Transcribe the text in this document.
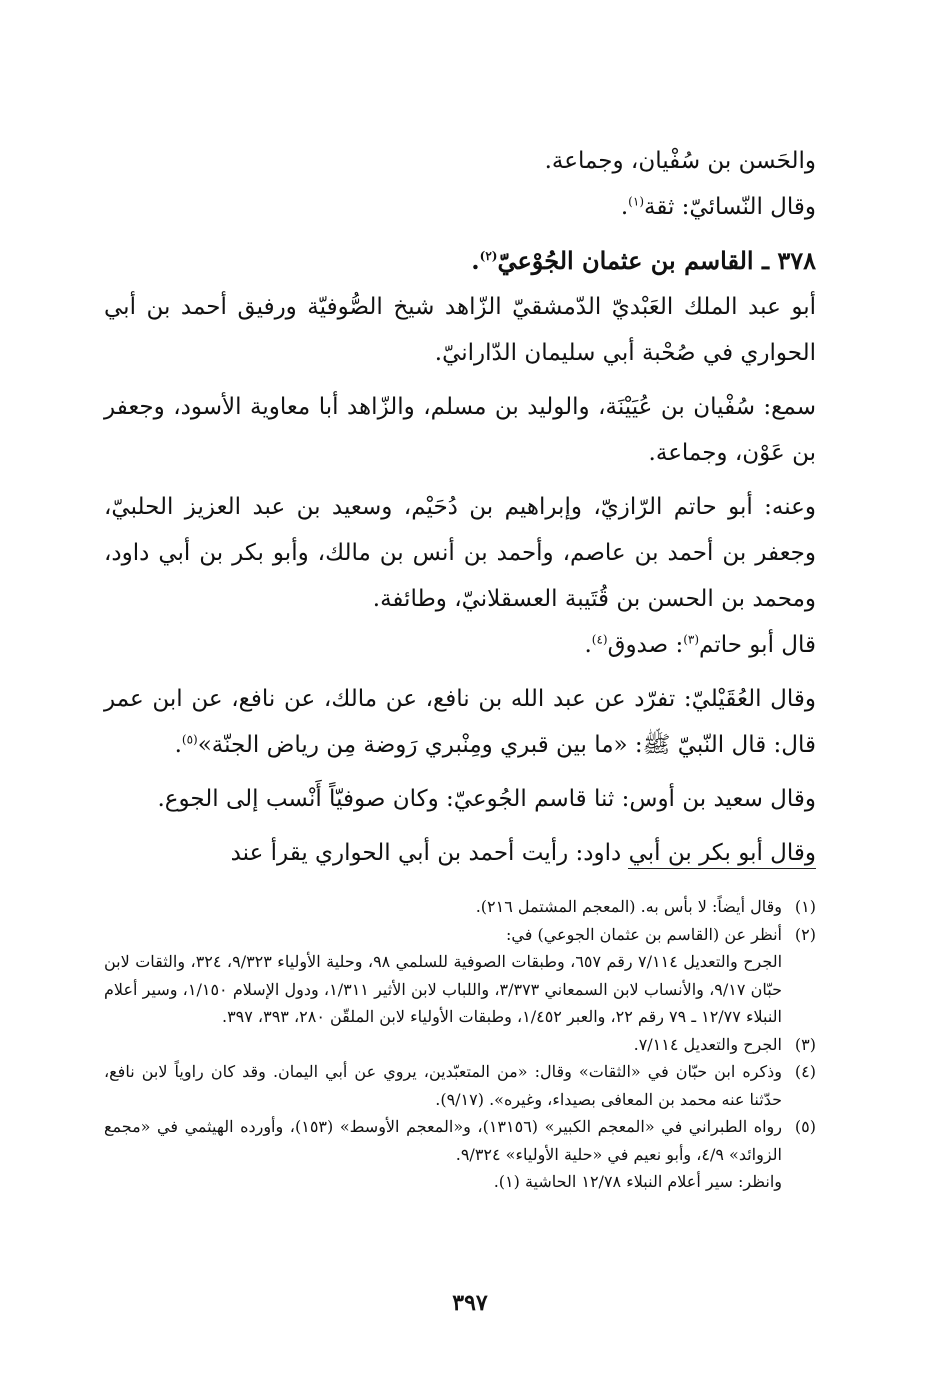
والحَسن بن سُفْيان، وجماعة.

وقال النّسائيّ: ثقة$^{(١)}$.

٣٧٨ ـ القاسم بن عثمان الجُوْعيّ$^{(٢)}$.

أبو عبد الملك العَبْديّ الدّمشقيّ الزّاهد شيخ الصُّوفيّة ورفيق أحمد بن أبي الحواري في صُحْبة أبي سليمان الدّارانيّ.

سمع: سُفْيان بن عُيَيْنَة، والوليد بن مسلم، والزّاهد أبا معاوية الأسود، وجعفر بن عَوْن، وجماعة.

وعنه: أبو حاتم الرّازيّ، وإبراهيم بن دُحَيْم، وسعيد بن عبد العزيز الحلبيّ، وجعفر بن أحمد بن عاصم، وأحمد بن أنس بن مالك، وأبو بكر بن أبي داود، ومحمد بن الحسن بن قُتَيبة العسقلانيّ، وطائفة.

قال أبو حاتم$^{(٣)}$: صدوق$^{(٤)}$.

وقال العُقَيْليّ: تفرّد عن عبد الله بن نافع، عن مالك، عن نافع، عن ابن عمر قال: قال النّبيّ ﷺ: «ما بين قبري ومِنْبري رَوضة مِن رياض الجنّة»$^{(٥)}$.

وقال سعيد بن أوس: ثنا قاسم الجُوعيّ: وكان صوفيّاً أَنْسب إلى الجوع.

وقال أبو بكر بن أبي داود: رأيت أحمد بن أبي الحواري يقرأ عند

(١)

وقال أيضاً: لا بأس به. (المعجم المشتمل ٢١٦).

(٢)

أنظر عن (القاسم بن عثمان الجوعي) في:

الجرح والتعديل ٧/١١٤ رقم ٦٥٧، وطبقات الصوفية للسلمي ٩٨، وحلية الأولياء ٩/٣٢٣، ٣٢٤، والثقات لابن حبّان ٩/١٧، والأنساب لابن السمعاني ٣/٣٧٣، واللباب لابن الأثير ١/٣١١، ودول الإسلام ١/١٥٠، وسير أعلام النبلاء ١٢/٧٧ ـ ٧٩ رقم ٢٢، والعبر ١/٤٥٢، وطبقات الأولياء لابن الملقّن ٢٨٠، ٣٩٣، ٣٩٧.

(٣)

الجرح والتعديل ٧/١١٤.

(٤)

وذكره ابن حبّان في «الثقات» وقال: «من المتعبّدين، يروي عن أبي اليمان. وقد كان راوياً لابن نافع، حدّثنا عنه محمد بن المعافى بصيداء، وغيره». (٩/١٧).

(٥)

رواه الطبراني في «المعجم الكبير» (١٣١٥٦)، و«المعجم الأوسط» (١٥٣)، وأورده الهيثمي في «مجمع الزوائد» ٤/٩، وأبو نعيم في «حلية الأولياء» ٩/٣٢٤.

وانظر: سير أعلام النبلاء ١٢/٧٨ الحاشية (١).

٣٩٧
